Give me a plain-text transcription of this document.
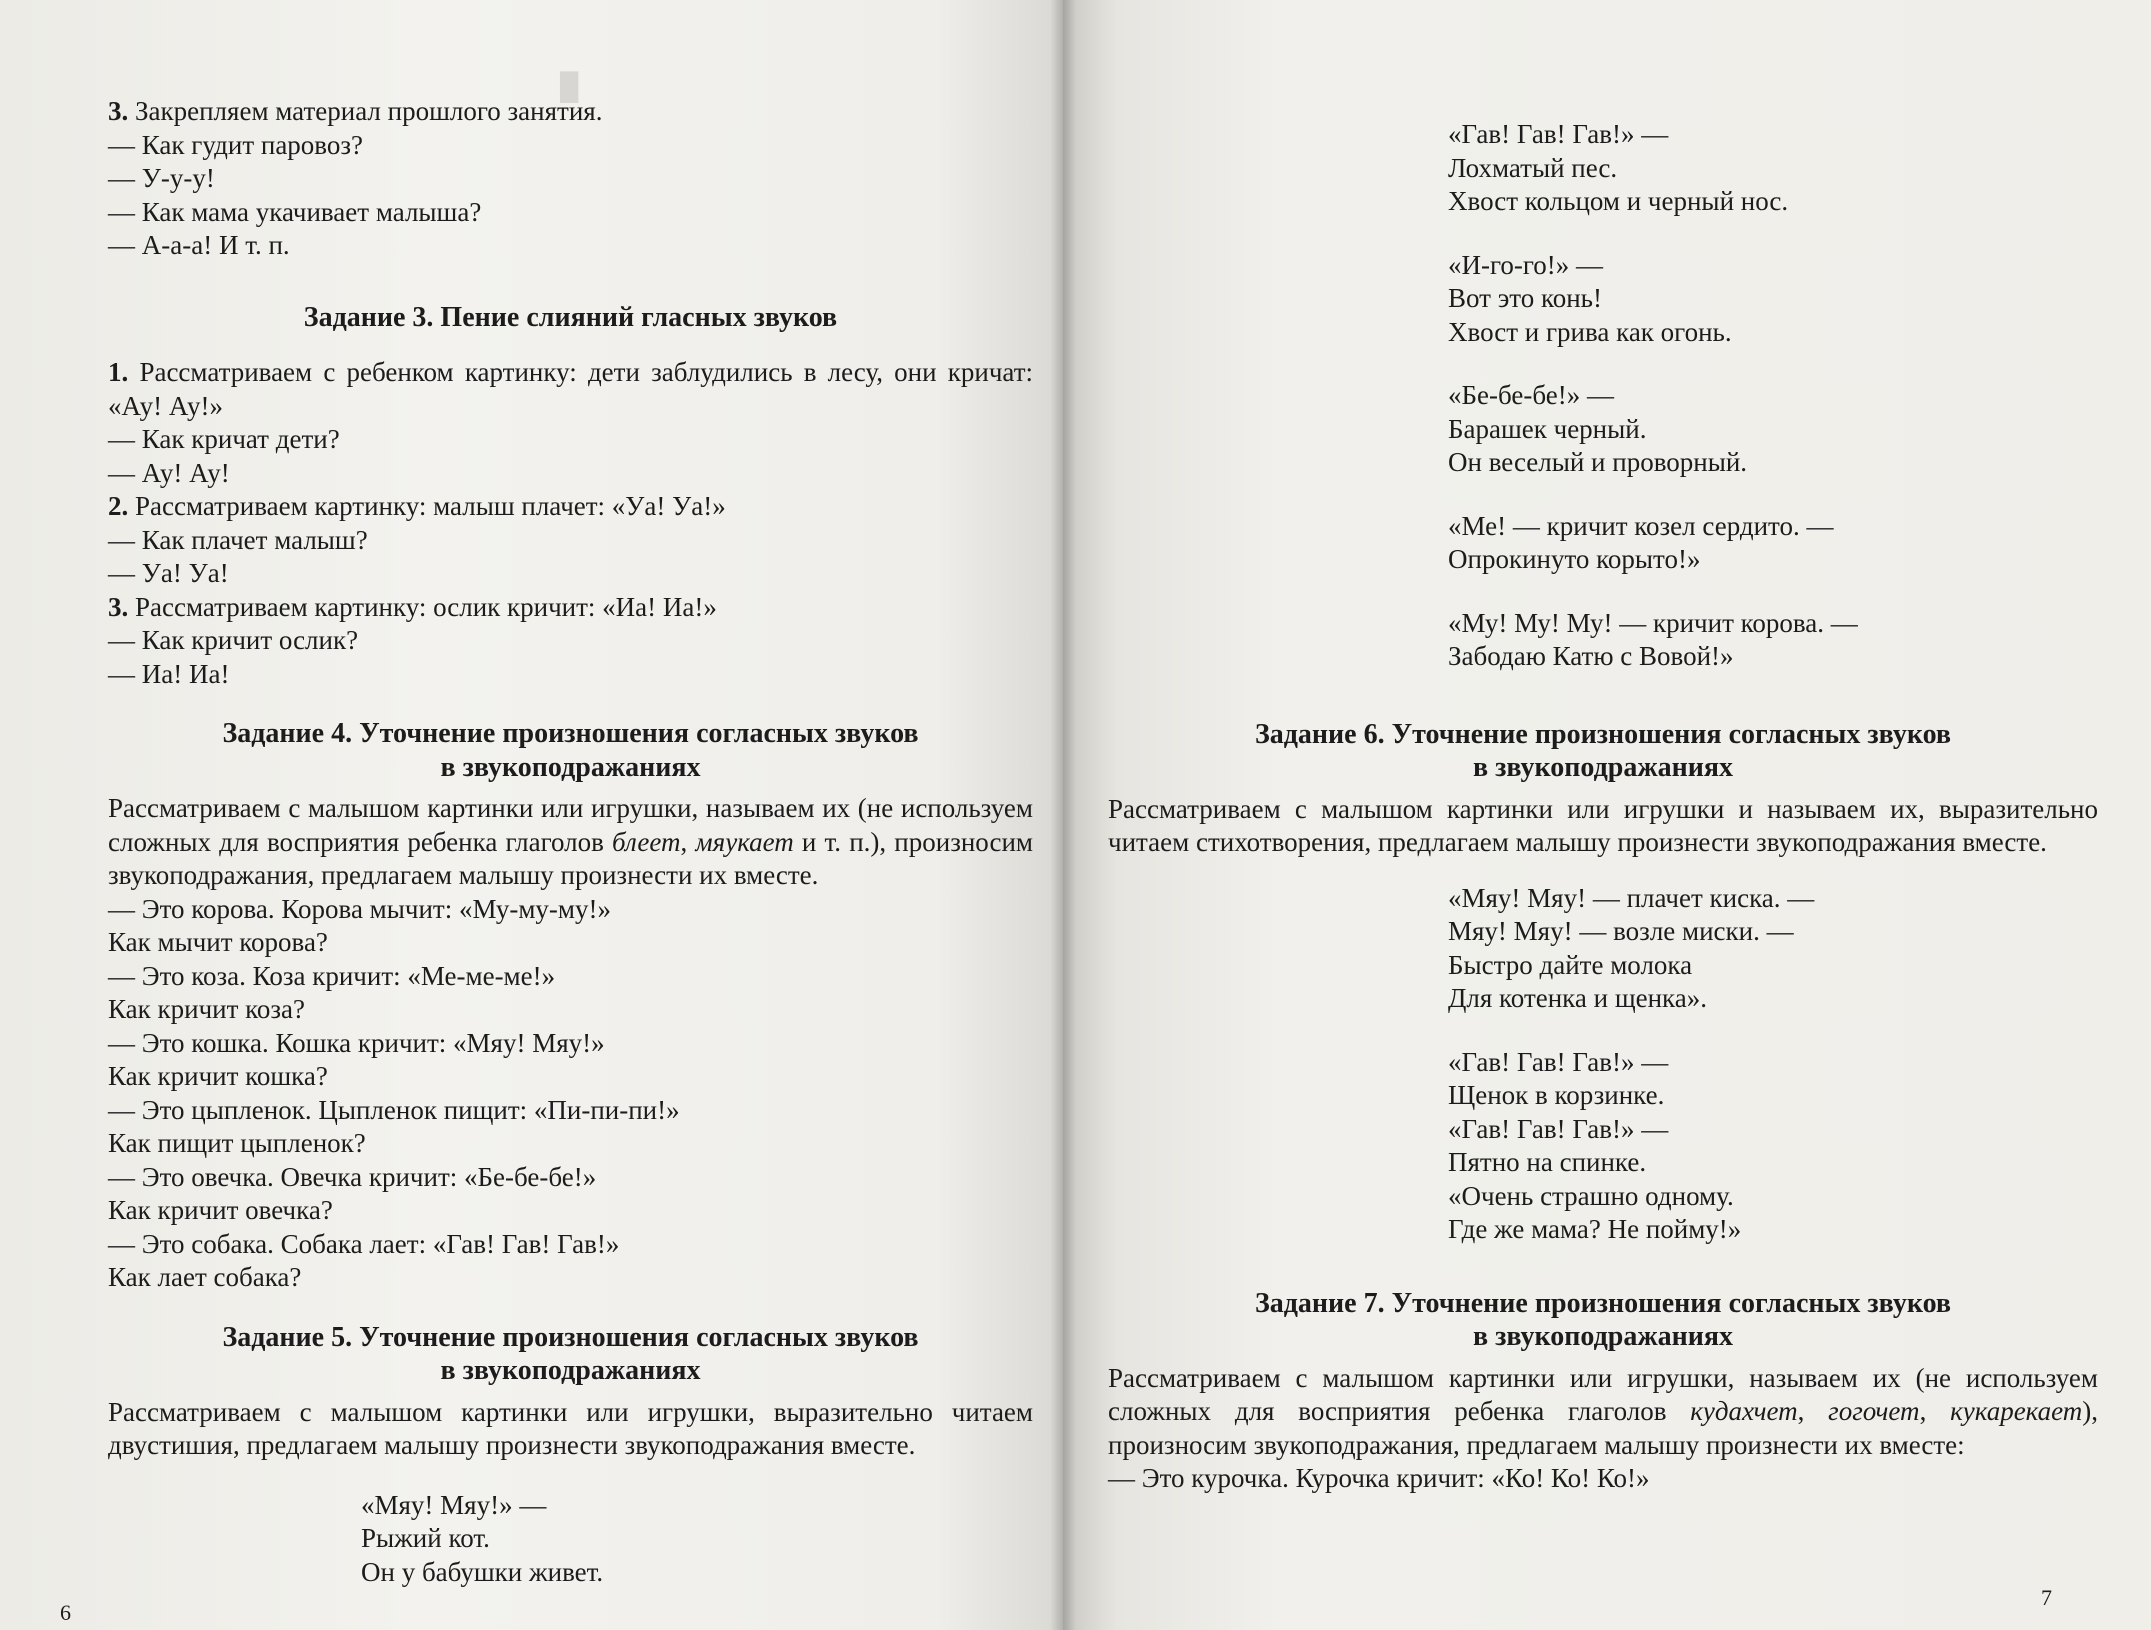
█

3. Закрепляем материал прошлого занятия.

— Как гудит паровоз?

— У-у-у!

— Как мама укачивает малыша?

— А-а-а! И т. п.

Задание 3. Пение слияний гласных звуков

1. Рассматриваем с ребенком картинку: дети заблудились в лесу, они кричат: «Ау! Ау!»

— Как кричат дети?

— Ау! Ау!

2. Рассматриваем картинку: малыш плачет: «Уа! Уа!»

— Как плачет малыш?

— Уа! Уа!

3. Рассматриваем картинку: ослик кричит: «Иа! Иа!»

— Как кричит ослик?

— Иа! Иа!

Задание 4. Уточнение произношения согласных звуков

в звукоподражаниях

Рассматриваем с малышом картинки или игрушки, называем их (не используем сложных для восприятия ребенка глаголов блеет, мяукает и т. п.), произносим звукоподражания, предлагаем малышу произнести их вместе.

— Это корова. Корова мычит: «Му-му-му!»

Как мычит корова?

— Это коза. Коза кричит: «Ме-ме-ме!»

Как кричит коза?

— Это кошка. Кошка кричит: «Мяу! Мяу!»

Как кричит кошка?

— Это цыпленок. Цыпленок пищит: «Пи-пи-пи!»

Как пищит цыпленок?

— Это овечка. Овечка кричит: «Бе-бе-бе!»

Как кричит овечка?

— Это собака. Собака лает: «Гав! Гав! Гав!»

Как лает собака?

Задание 5. Уточнение произношения согласных звуков

в звукоподражаниях

Рассматриваем с малышом картинки или игрушки, выразительно читаем двустишия, предлагаем малышу произнести звукоподражания вместе.

«Мяу! Мяу!» —

Рыжий кот.

Он у бабушки живет.

6

«Гав! Гав! Гав!» —

Лохматый пес.

Хвост кольцом и черный нос.

«И-го-го!» —

Вот это конь!

Хвост и грива как огонь.

«Бе-бе-бе!» —

Барашек черный.

Он веселый и проворный.

«Ме! — кричит козел сердито. —

Опрокинуто корыто!»

«Му! Му! Му! — кричит корова. —

Забодаю Катю с Вовой!»

Задание 6. Уточнение произношения согласных звуков

в звукоподражаниях

Рассматриваем с малышом картинки или игрушки и называем их, выразительно читаем стихотворения, предлагаем малышу произнести звукоподражания вместе.

«Мяу! Мяу! — плачет киска. —

Мяу! Мяу! — возле миски. —

Быстро дайте молока

Для котенка и щенка».

«Гав! Гав! Гав!» —

Щенок в корзинке.

«Гав! Гав! Гав!» —

Пятно на спинке.

«Очень страшно одному.

Где же мама? Не пойму!»

Задание 7. Уточнение произношения согласных звуков

в звукоподражаниях

Рассматриваем с малышом картинки или игрушки, называем их (не используем сложных для восприятия ребенка глаголов кудахчет, гогочет, кукарекает), произносим звукоподражания, предлагаем малышу произнести их вместе:

— Это курочка. Курочка кричит: «Ко! Ко! Ко!»

7
